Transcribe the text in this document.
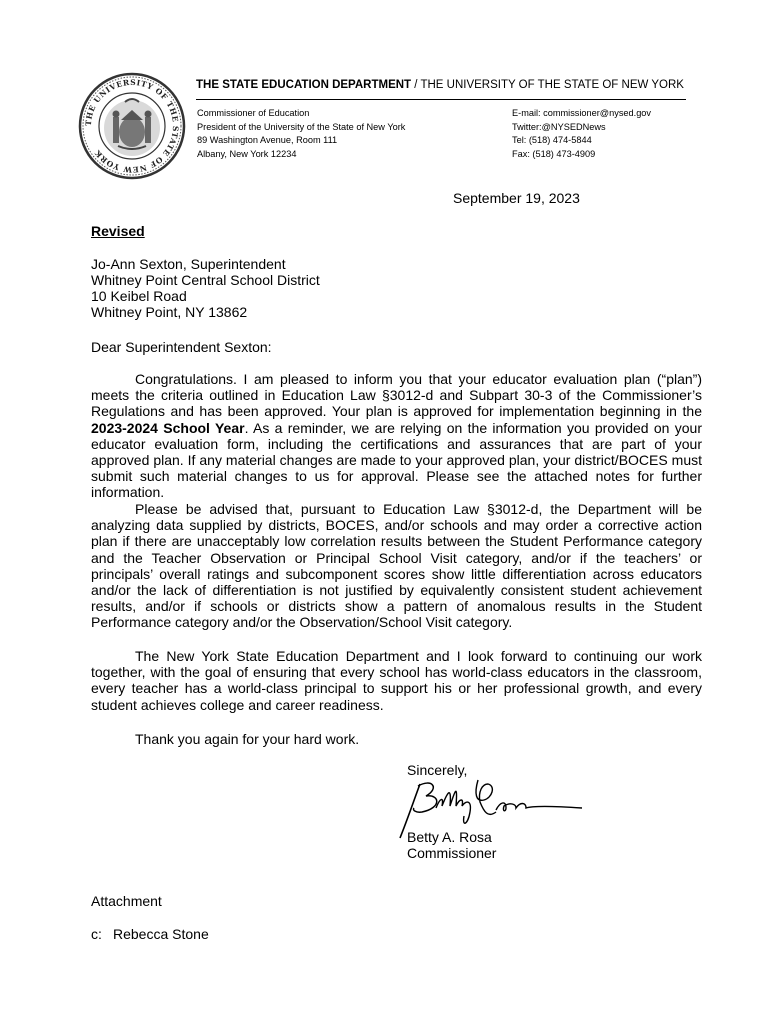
THE UNIVERSITY OF THE STATE OF NEW YORK
THE STATE EDUCATION DEPARTMENT / THE UNIVERSITY OF THE STATE OF NEW YORK
Commissioner of Education
President of the University of the State of New York
89 Washington Avenue, Room 111
Albany, New York 12234
E-mail: commissioner@nysed.gov
Twitter:@NYSEDNews
Tel: (518) 474-5844
Fax: (518) 473-4909
September 19, 2023
Revised
Jo-Ann Sexton, Superintendent
Whitney Point Central School District
10 Keibel Road
Whitney Point, NY 13862
Dear Superintendent Sexton:
Congratulations. I am pleased to inform you that your educator evaluation plan (“plan”) meets the criteria outlined in Education Law §3012-d and Subpart 30-3 of the Commissioner’s Regulations and has been approved. Your plan is approved for implementation beginning in the 2023-2024 School Year. As a reminder, we are relying on the information you provided on your educator evaluation form, including the certifications and assurances that are part of your approved plan. If any material changes are made to your approved plan, your district/BOCES must submit such material changes to us for approval. Please see the attached notes for further information.
Please be advised that, pursuant to Education Law §3012-d, the Department will be analyzing data supplied by districts, BOCES, and/or schools and may order a corrective action plan if there are unacceptably low correlation results between the Student Performance category and the Teacher Observation or Principal School Visit category, and/or if the teachers’ or principals’ overall ratings and subcomponent scores show little differentiation across educators and/or the lack of differentiation is not justified by equivalently consistent student achievement results, and/or if schools or districts show a pattern of anomalous results in the Student Performance category and/or the Observation/School Visit category.
The New York State Education Department and I look forward to continuing our work together, with the goal of ensuring that every school has world-class educators in the classroom, every teacher has a world-class principal to support his or her professional growth, and every student achieves college and career readiness.
Thank you again for your hard work.
Sincerely,
Betty A. Rosa
Commissioner
Attachment
c: Rebecca Stone
